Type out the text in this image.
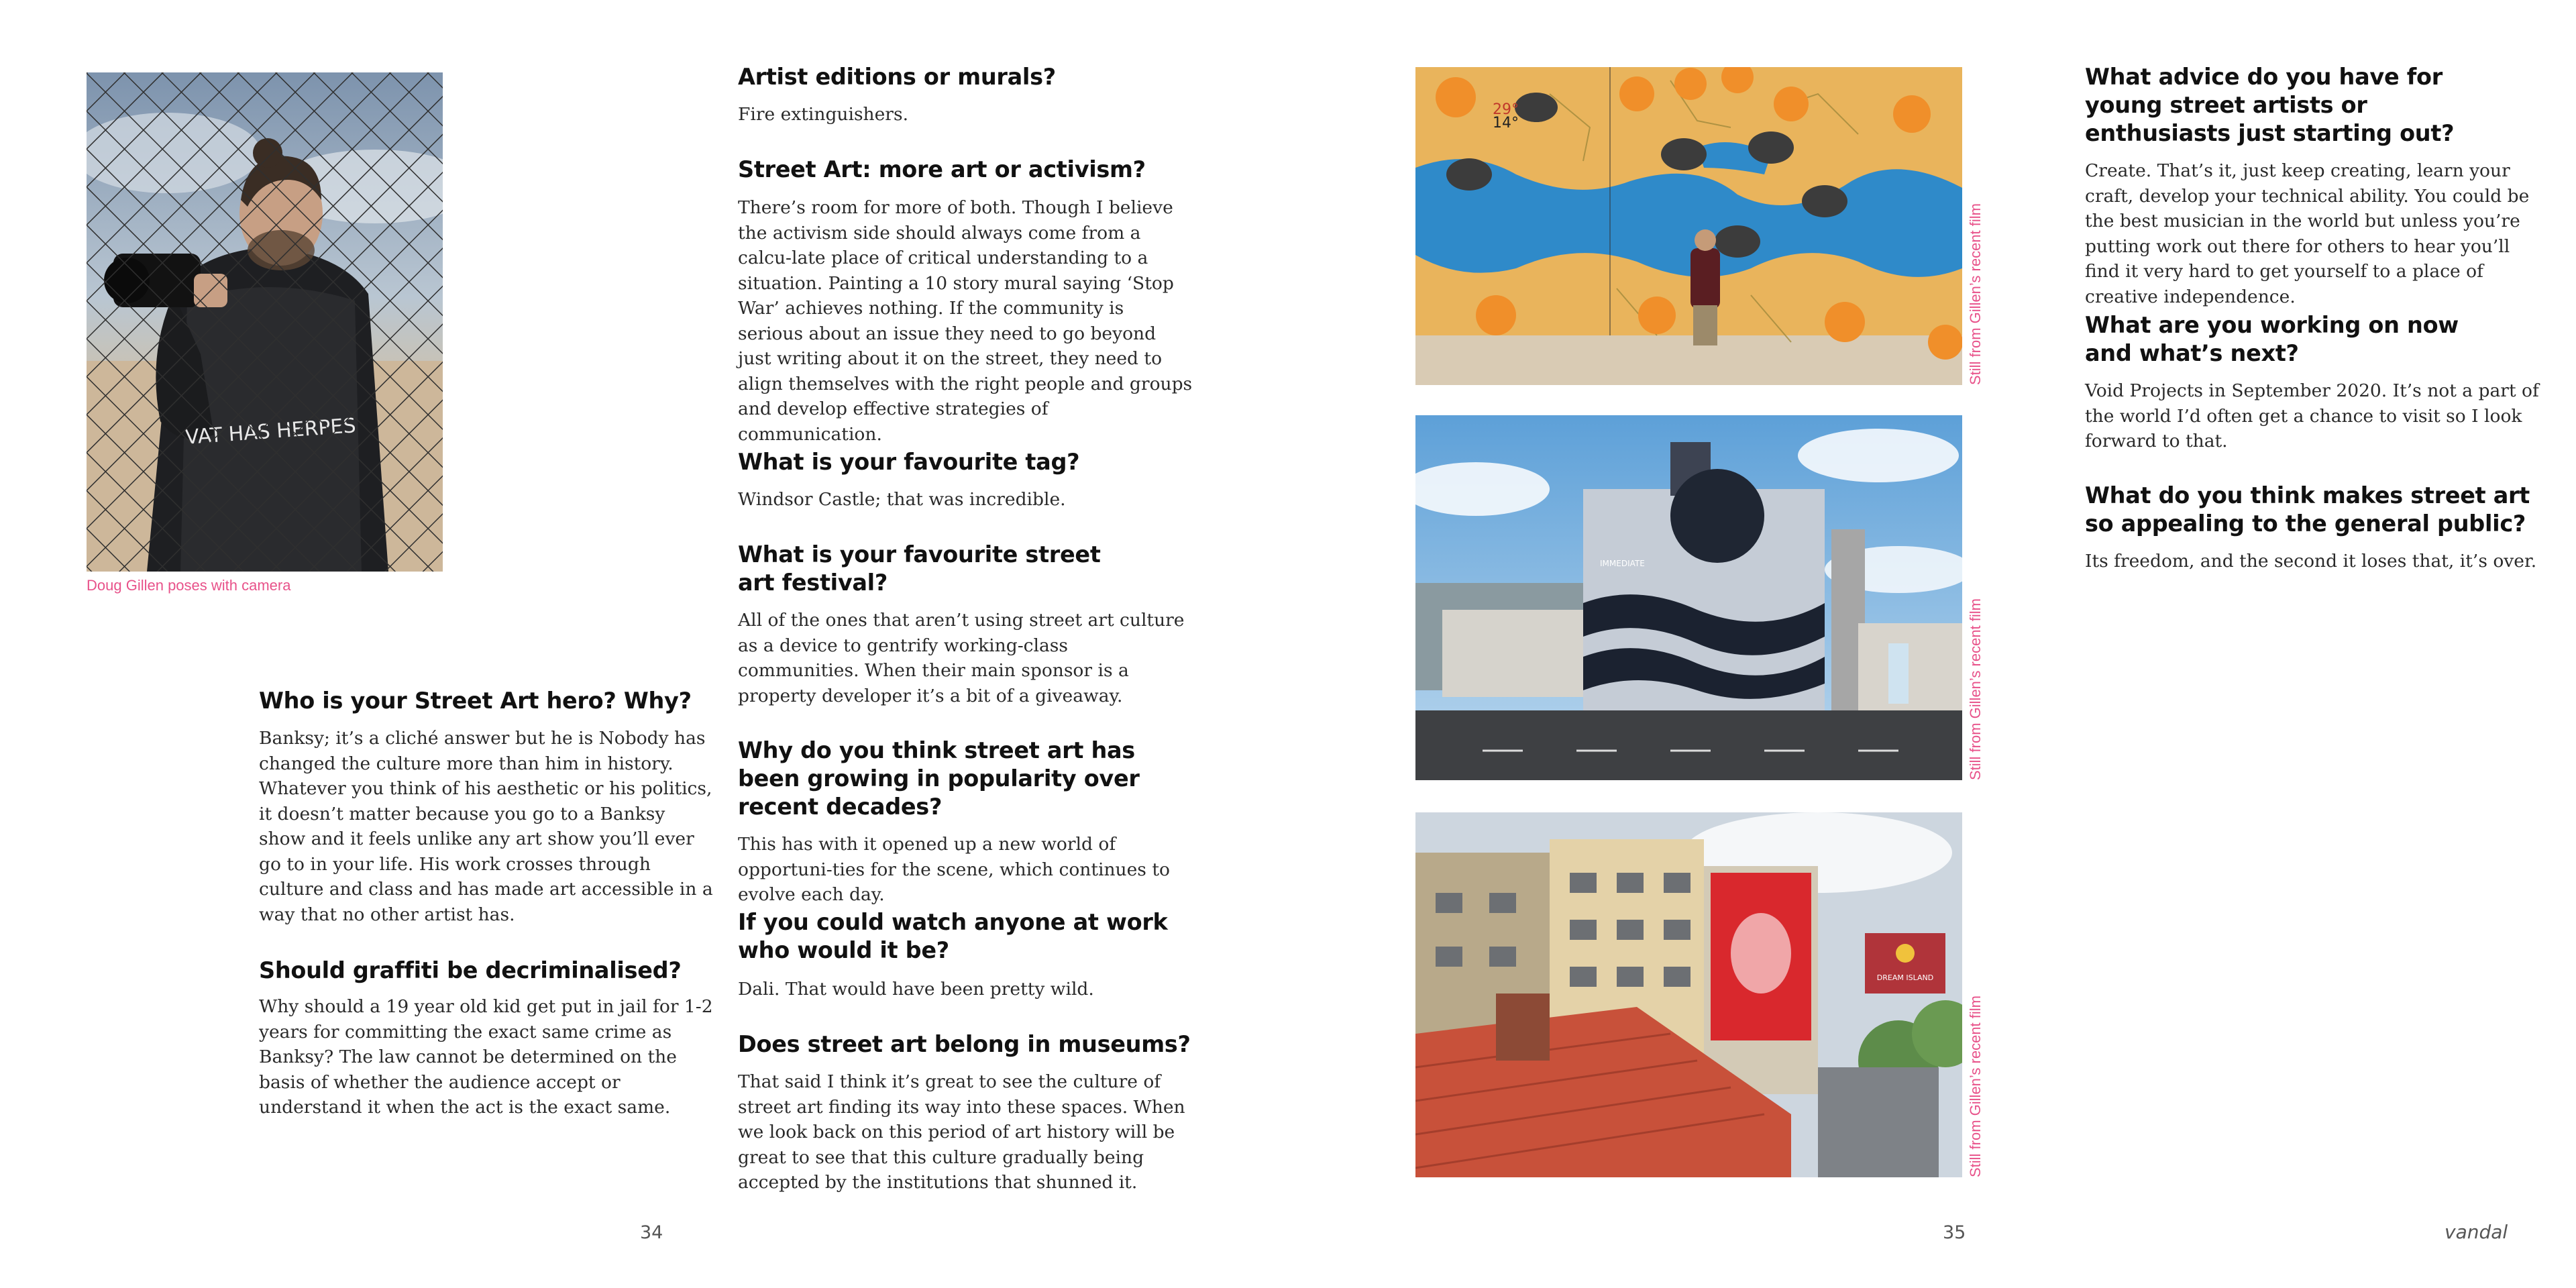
Doug Gillen poses with camera

Who is your Street Art hero? Why?

Banksy; it’s a cliché answer but he is Nobody has changed the culture more than him in history. Whatever you think of his aesthetic or his politics, it doesn’t matter because you go to a Banksy show and it feels unlike any art show you’ll ever go to in your life. His work crosses through culture and class and has made art accessible in a way that no other artist has.

Should graffiti be decriminalised?

Why should a 19 year old kid get put in jail for 1-2 years for committing the exact same crime as Banksy? The law cannot be determined on the basis of whether the audience accept or understand it when the act is the exact same.

Artist editions or murals?

Fire extinguishers.

Street Art: more art or activism?

There’s room for more of both. Though I believe the activism side should always come from a calcu-late place of critical understanding to a situation. Painting a 10 story mural saying ‘Stop War’ achieves nothing. If the community is serious about an issue they need to go beyond just writing about it on the street, they need to align themselves with the right people and groups and develop effective strategies of communication.

What is your favourite tag?

Windsor Castle; that was incredible.

What is your favourite street art festival?

All of the ones that aren’t using street art culture as a device to gentrify working-class communities. When their main sponsor is a property developer it’s a bit of a giveaway.

Why do you think street art has been growing in popularity over recent decades?

This has with it opened up a new world of opportuni-ties for the scene, which continues to evolve each day.

If you could watch anyone at work who would it be?

Dali. That would have been pretty wild.

Does street art belong in museums?

That said I think it’s great to see the culture of street art finding its way into these spaces. When we look back on this period of art history will be great to see that this culture gradually being accepted by the institutions that shunned it.

34
29°
14°
Still from Gillen’s recent film
IMMEDIATE
Still from Gillen’s recent film
DREAM ISLAND
Still from Gillen’s recent film
What advice do you have for young street artists or enthusiasts just starting out?

Create. That’s it, just keep creating, learn your craft, develop your technical ability. You could be the best musician in the world but unless you’re putting work out there for others to hear you’ll find it very hard to get yourself to a place of creative independence.

What are you working on now and what’s next?

Void Projects in September 2020. It’s not a part of the world I’d often get a chance to visit so I look forward to that.

What do you think makes street art so appealing to the general public?

Its freedom, and the second it loses that, it’s over.

35	vandal
